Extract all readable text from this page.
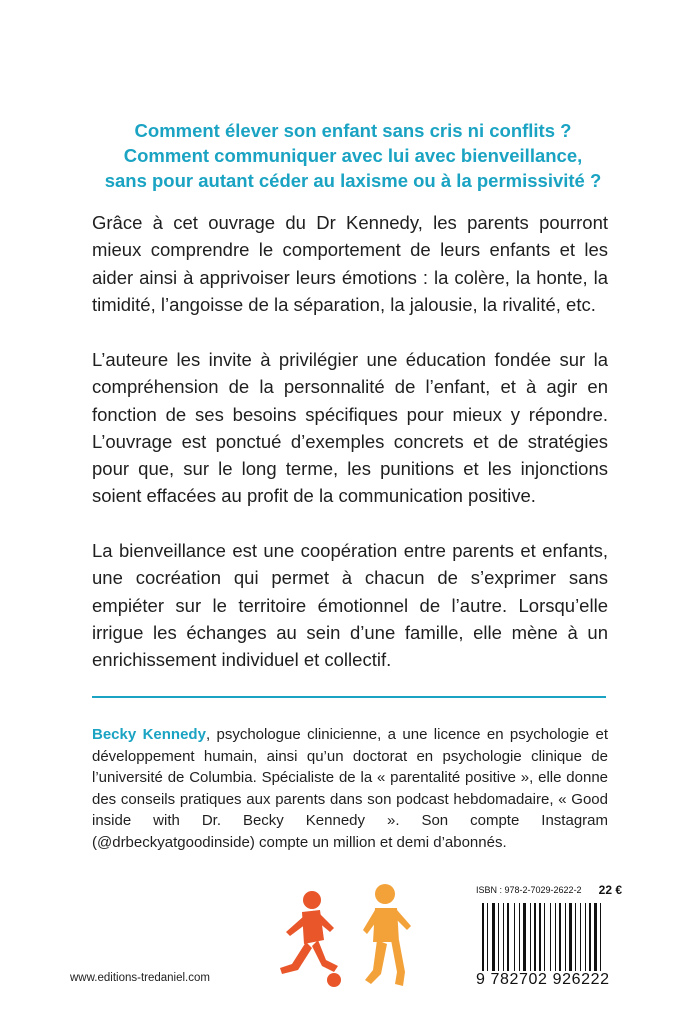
Comment élever son enfant sans cris ni conflits ?
Comment communiquer avec lui avec bienveillance,
sans pour autant céder au laxisme ou à la permissivité ?

Grâce à cet ouvrage du Dr Kennedy, les parents pourront mieux comprendre le comportement de leurs enfants et les aider ainsi à apprivoiser leurs émotions : la colère, la honte, la timidité, l’angoisse de la séparation, la jalousie, la rivalité, etc.

L’auteure les invite à privilégier une éducation fondée sur la compréhension de la personnalité de l’enfant, et à agir en fonction de ses besoins spécifiques pour mieux y répondre. L’ouvrage est ponctué d’exemples concrets et de stratégies pour que, sur le long terme, les punitions et les injonctions soient effacées au profit de la communication positive.

La bienveillance est une coopération entre parents et enfants, une cocréation qui permet à chacun de s’exprimer sans empiéter sur le territoire émotionnel de l’autre. Lorsqu’elle irrigue les échanges au sein d’une famille, elle mène à un enrichissement individuel et collectif.

Becky Kennedy, psychologue clinicienne, a une licence en psychologie et développement humain, ainsi qu’un doctorat en psychologie clinique de l’université de Columbia. Spécialiste de la « parentalité positive », elle donne des conseils pratiques aux parents dans son podcast hebdomadaire, « Good inside with Dr. Becky Kennedy ». Son compte Instagram (@drbeckyatgoodinside) compte un million et demi d’abonnés.
www.editions-tredaniel.com
ISBN : 978-2-7029-2622-2 22 €
9 782702 926222
